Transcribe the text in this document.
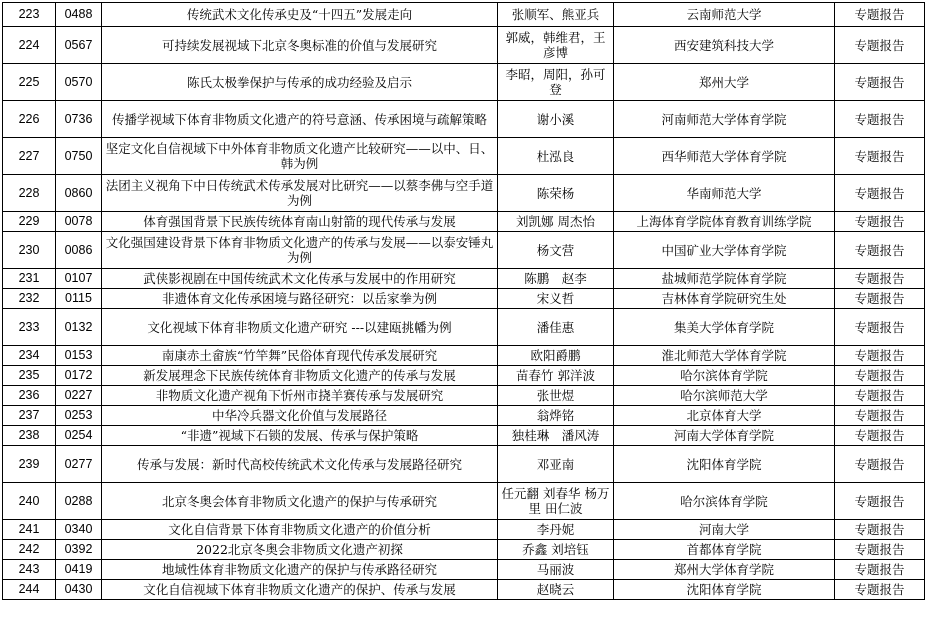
223	0488	传统武术文化传承史及“十四五”发展走向	张顺军、熊亚兵	云南师范大学	专题报告
224	0567	可持续发展视域下北京冬奥标准的价值与发展研究	郭威，韩维君，王彦博	西安建筑科技大学	专题报告
225	0570	陈氏太极拳保护与传承的成功经验及启示	李昭，周阳，孙可登	郑州大学	专题报告
226	0736	传播学视域下体育非物质文化遗产的符号意涵、传承困境与疏解策略	谢小溪	河南师范大学体育学院	专题报告
227	0750	坚定文化自信视域下中外体育非物质文化遗产比较研究——以中、日、韩为例	杜泓良	西华师范大学体育学院	专题报告
228	0860	法团主义视角下中日传统武术传承发展对比研究——以蔡李佛与空手道为例	陈荣杨	华南师范大学	专题报告
229	0078	体育强国背景下民族传统体育南山射箭的现代传承与发展	刘凯娜 周杰怡	上海体育学院体育教育训练学院	专题报告
230	0086	文化强国建设背景下体育非物质文化遗产的传承与发展——以泰安锤丸为例	杨文营	中国矿业大学体育学院	专题报告
231	0107	武侠影视剧在中国传统武术文化传承与发展中的作用研究	陈鹏　赵李	盐城师范学院体育学院	专题报告
232	0115	非遗体育文化传承困境与路径研究：以岳家拳为例	宋义哲	吉林体育学院研究生处	专题报告
233	0132	文化视域下体育非物质文化遗产研究 ---以建瓯挑幡为例	潘佳惠	集美大学体育学院	专题报告
234	0153	南康赤土畲族“竹竿舞”民俗体育现代传承发展研究	欧阳爵鹏	淮北师范大学体育学院	专题报告
235	0172	新发展理念下民族传统体育非物质文化遗产的传承与发展	苗春竹 郭洋波	哈尔滨体育学院	专题报告
236	0227	非物质文化遗产视角下忻州市挠羊赛传承与发展研究	张世煜	哈尔滨师范大学	专题报告
237	0253	中华冷兵器文化价值与发展路径	翁烨铭	北京体育大学	专题报告
238	0254	“非遗”视域下石锁的发展、传承与保护策略	独桂琳　潘风涛	河南大学体育学院	专题报告
239	0277	传承与发展：新时代高校传统武术文化传承与发展路径研究	邓亚南	沈阳体育学院	专题报告
240	0288	北京冬奥会体育非物质文化遗产的保护与传承研究	任元翻 刘春华 杨万里 田仁波	哈尔滨体育学院	专题报告
241	0340	文化自信背景下体育非物质文化遗产的价值分析	李丹妮	河南大学	专题报告
242	0392	2022北京冬奥会非物质文化遗产初探	乔鑫 刘培钰	首都体育学院	专题报告
243	0419	地域性体育非物质文化遗产的保护与传承路径研究	马丽波	郑州大学体育学院	专题报告
244	0430	文化自信视域下体育非物质文化遗产的保护、传承与发展	赵晓云	沈阳体育学院	专题报告
